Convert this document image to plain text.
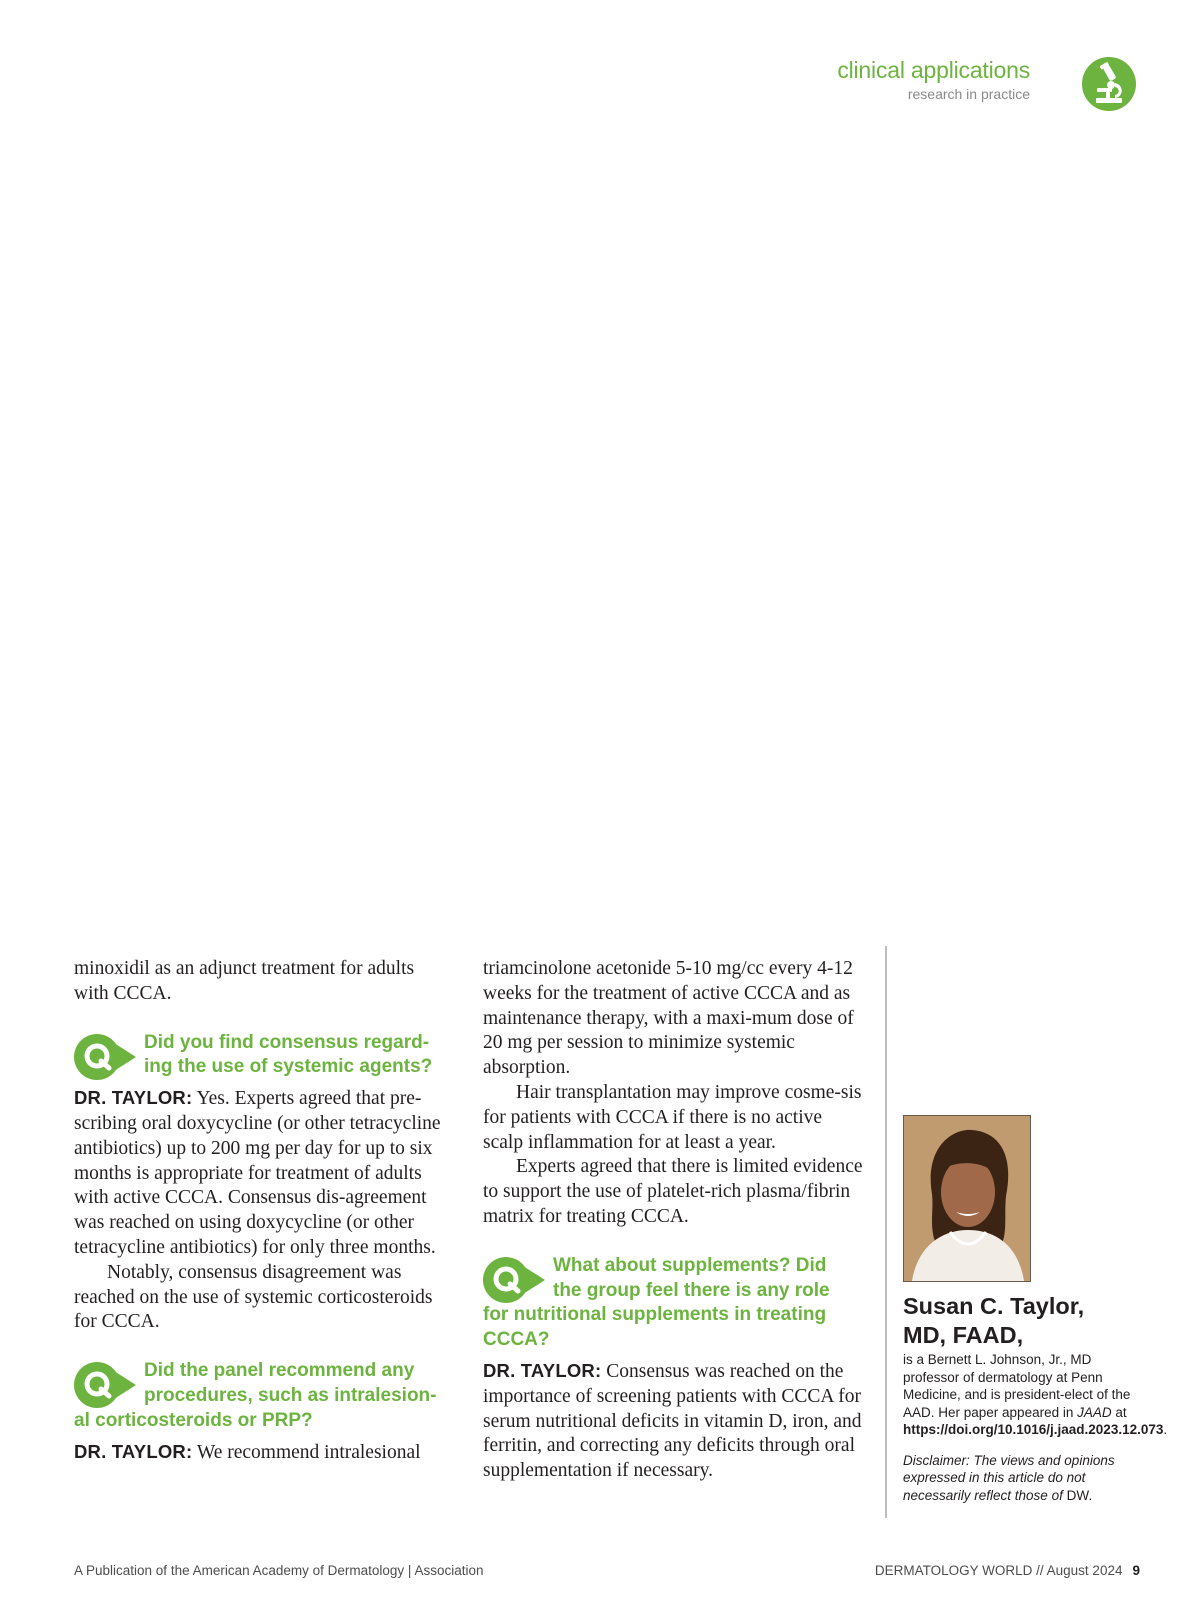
clinical applications
research in practice

minoxidil as an adjunct treatment for adults
with CCCA.

Did you find consensus regard-
ing the use of systemic agents?

DR. TAYLOR: Yes. Experts agreed that pre-scribing oral doxycycline (or other tetracycline antibiotics) up to 200 mg per day for up to six months is appropriate for treatment of adults with active CCCA. Consensus dis-agreement was reached on using doxycycline (or other tetracycline antibiotics) for only three months.

Notably, consensus disagreement was reached on the use of systemic corticosteroids for CCCA.

Did the panel recommend any
procedures, such as intralesion-
al corticosteroids or PRP?

DR. TAYLOR: We recommend intralesional

triamcinolone acetonide 5-10 mg/cc every 4-12 weeks for the treatment of active CCCA and as maintenance therapy, with a maxi-mum dose of 20 mg per session to minimize systemic absorption.

Hair transplantation may improve cosme-sis for patients with CCCA if there is no active scalp inflammation for at least a year.

Experts agreed that there is limited evidence to support the use of platelet-rich plasma/fibrin matrix for treating CCCA.

What about supplements? Did
the group feel there is any role
for nutritional supplements in treating CCCA?

DR. TAYLOR: Consensus was reached on the importance of screening patients with CCCA for serum nutritional deficits in vitamin D, iron, and ferritin, and correcting any deficits through oral supplementation if necessary.

Susan C. Taylor,
MD, FAAD,
is a Bernett L. Johnson, Jr., MD professor of dermatology at Penn Medicine, and is president-elect of the AAD. Her paper appeared in JAAD at https://doi.org/10.1016/j.jaad.2023.12.073.
Disclaimer: The views and opinions expressed in this article do not necessarily reflect those of DW.
A Publication of the American Academy of Dermatology | Association	DERMATOLOGY WORLD // August 2024 9
